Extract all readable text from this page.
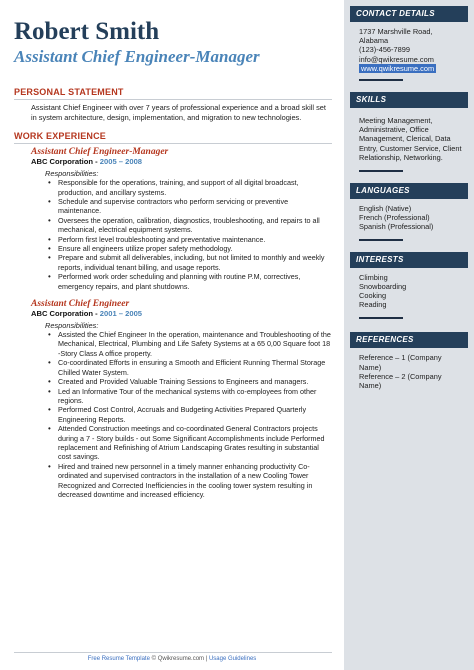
Robert Smith
Assistant Chief Engineer-Manager
PERSONAL STATEMENT

Assistant Chief Engineer with over 7 years of professional experience and a broad skill set in system architecture, design, implementation, and migration to new technologies.

WORK EXPERIENCE
Assistant Chief Engineer-Manager
ABC Corporation - 2005 – 2008
Responsibilities:
• Responsible for the operations, training, and support of all digital broadcast, production, and ancillary systems.
• Schedule and supervise contractors who perform servicing or preventive maintenance.
• Oversees the operation, calibration, diagnostics, troubleshooting, and repairs to all mechanical, electrical equipment systems.
• Perform first level troubleshooting and preventative maintenance.
• Ensure all engineers utilize proper safety methodology.
• Prepare and submit all deliverables, including, but not limited to monthly and weekly reports, individual tenant billing, and usage reports.
• Performed work order scheduling and planning with routine P.M, correctives, emergency repairs, and plant shutdowns.
Assistant Chief Engineer
ABC Corporation - 2001 – 2005
Responsibilities:
• Assisted the Chief Engineer In the operation, maintenance and Troubleshooting of the Mechanical, Electrical, Plumbing and Life Safety Systems at a 65 0,00 Square foot 18 -Story Class A office property.
• Co-coordinated Efforts in ensuring a Smooth and Efficient Running Thermal Storage Chilled Water System.
• Created and Provided Valuable Training Sessions to Engineers and managers.
• Led an Informative Tour of the mechanical systems with co-employees from other regions.
• Performed Cost Control, Accruals and Budgeting Activities Prepared Quarterly Engineering Reports.
• Attended Construction meetings and co-coordinated General Contractors projects during a 7 - Story builds - out Some Significant Accomplishments include Performed replacement and Refinishing of Atrium Landscaping Grates resulting in substantial cost savings.
• Hired and trained new personnel in a timely manner enhancing productivity Co-ordinated and supervised contractors in the installation of a new Cooling Tower Recognized and Corrected Inefficiencies in the cooling tower system resulting in decreased downtime and increased efficiency.
Free Resume Template © Qwikresume.com | Usage Guidelines
CONTACT DETAILS
1737 Marshville Road,
Alabama
(123)-456-7899
info@qwikresume.com
www.qwikresume.com
SKILLS
Meeting Management, Administrative, Office Management, Clerical, Data Entry, Customer Service, Client Relationship, Networking.
LANGUAGES
English (Native)
French (Professional)
Spanish (Professional)
INTERESTS
Climbing
Snowboarding
Cooking
Reading
REFERENCES
Reference – 1 (Company Name)
Reference – 2 (Company Name)
